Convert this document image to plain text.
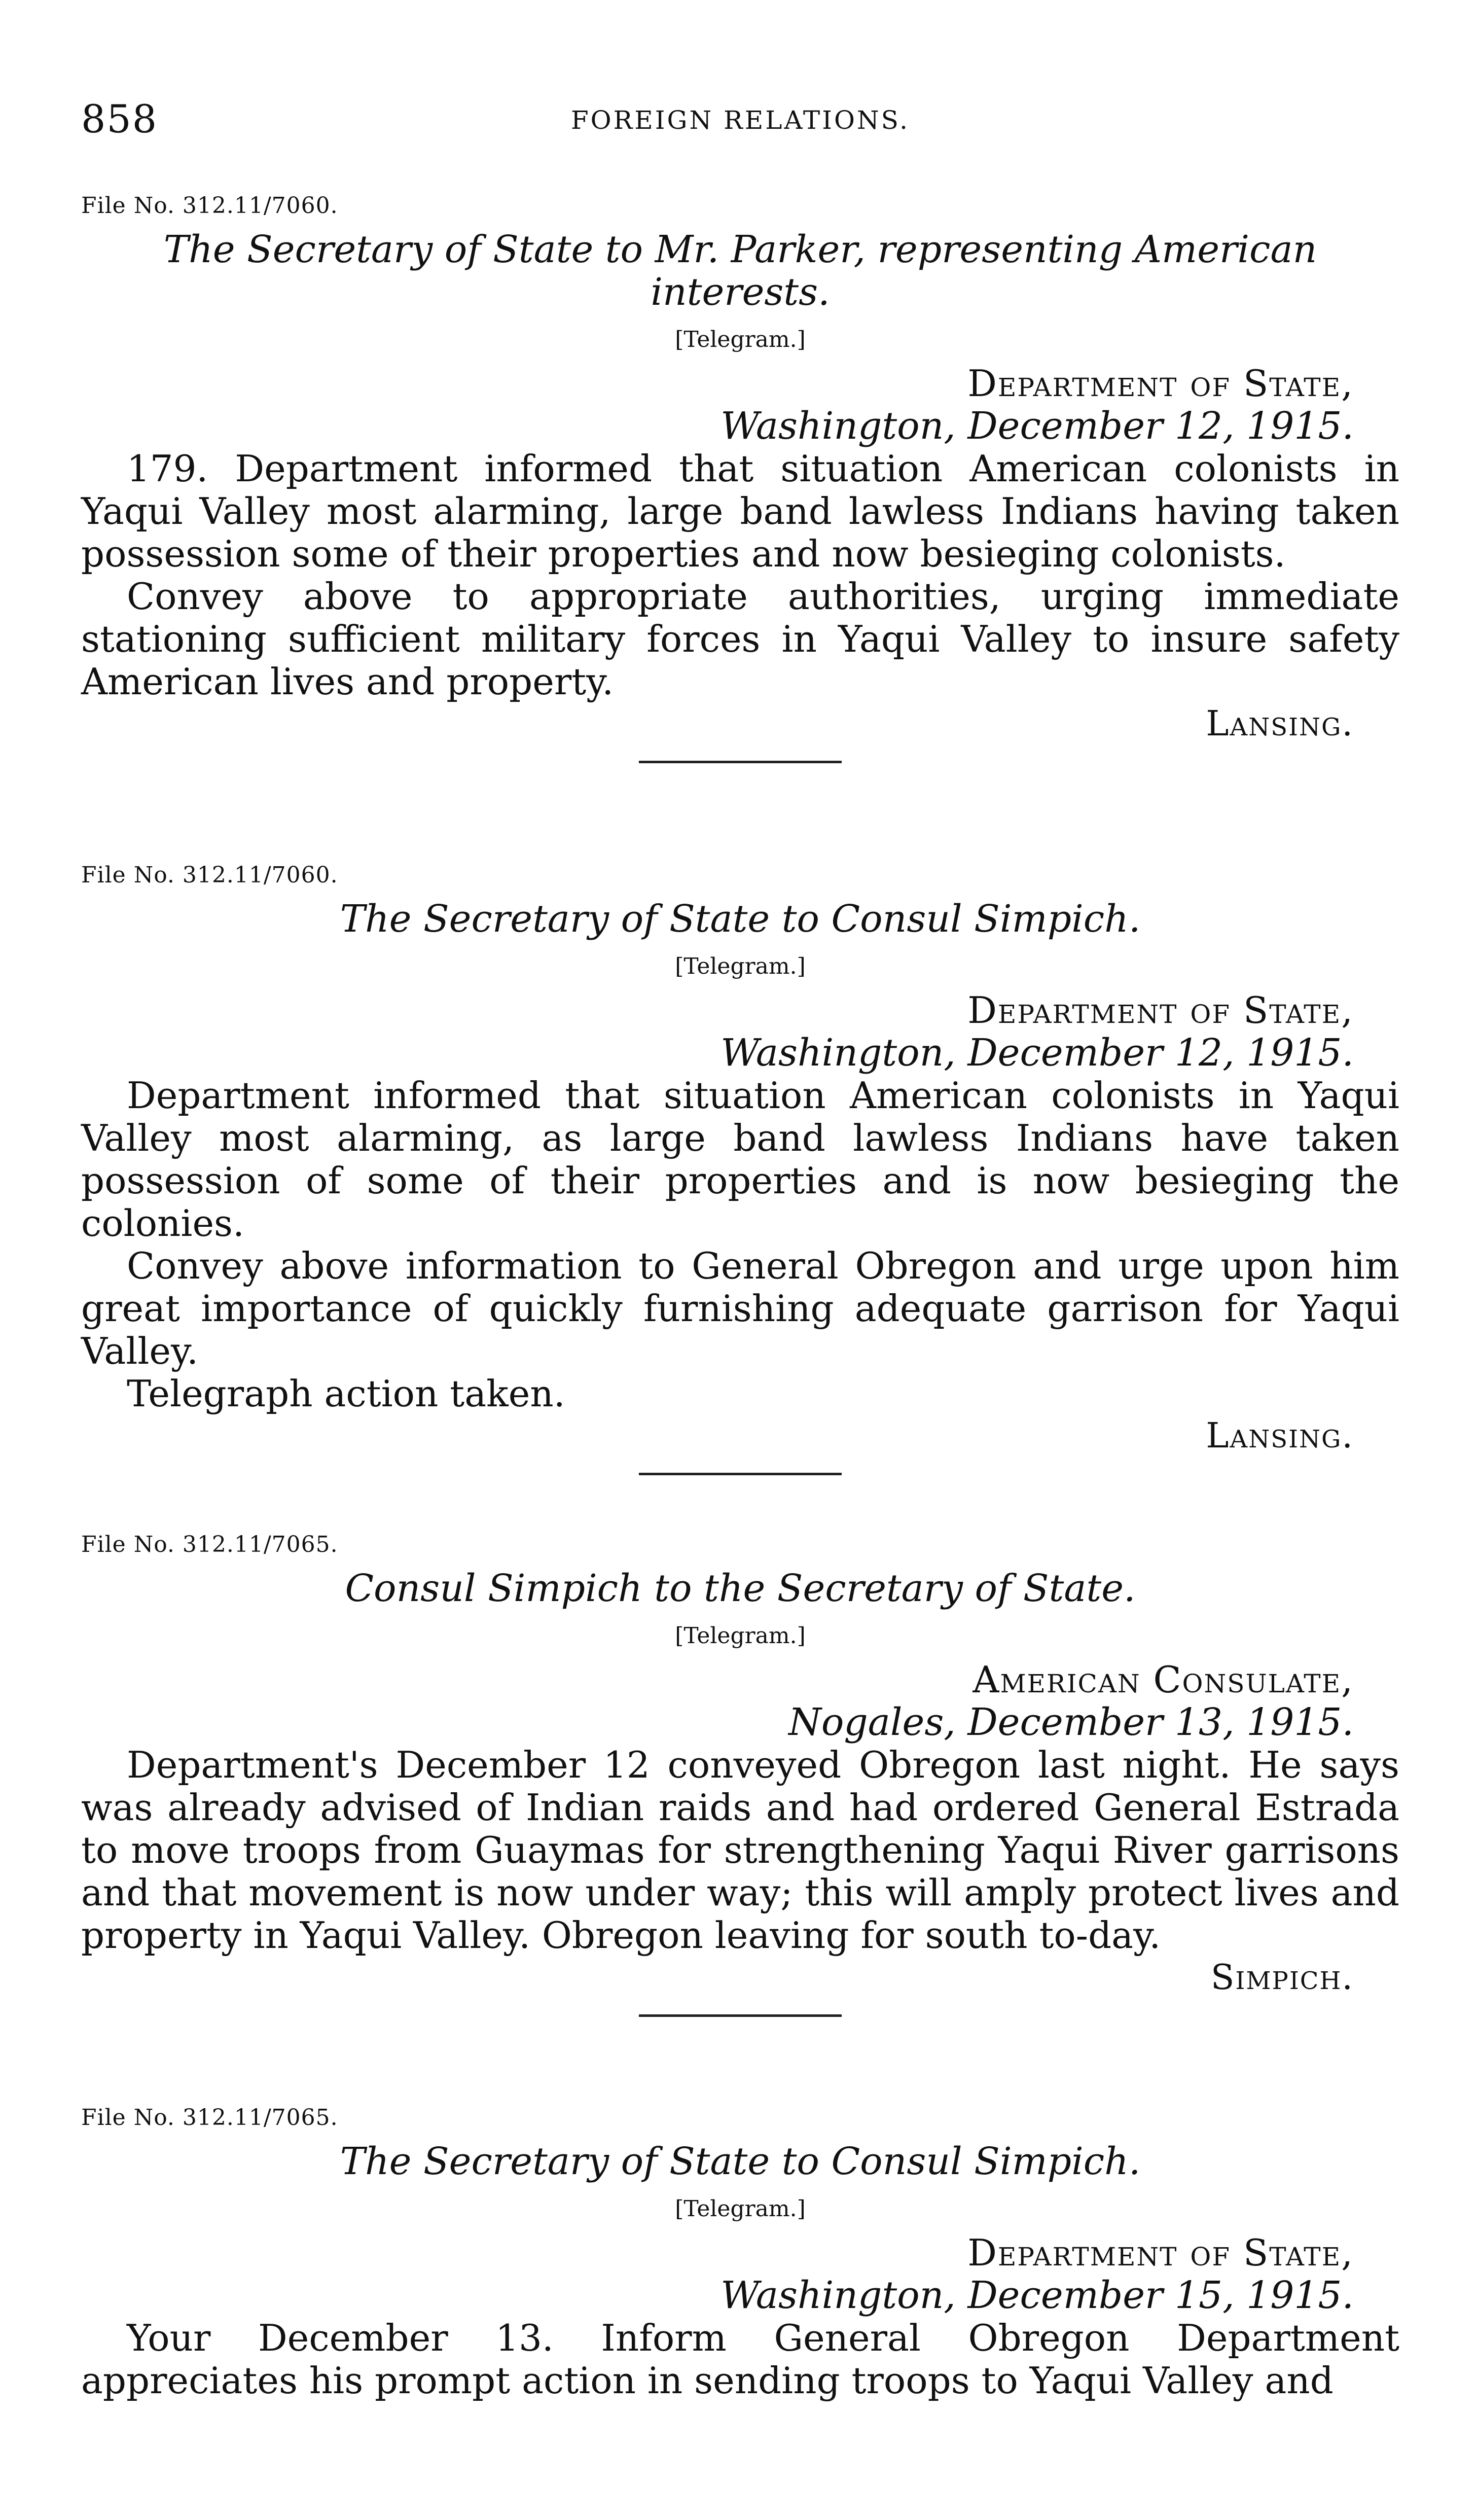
858	FOREIGN RELATIONS.
File No. 312.11/7060.
The Secretary of State to Mr. Parker, representing American interests.
[Telegram.]
Department of State,
Washington, December 12, 1915.

179. Department informed that situation American colonists in Yaqui Valley most alarming, large band lawless Indians having taken possession some of their properties and now besieging colonists.

Convey above to appropriate authorities, urging immediate stationing sufficient military forces in Yaqui Valley to insure safety American lives and property.

Lansing.
File No. 312.11/7060.
The Secretary of State to Consul Simpich.
[Telegram.]
Department of State,
Washington, December 12, 1915.

Department informed that situation American colonists in Yaqui Valley most alarming, as large band lawless Indians have taken possession of some of their properties and is now besieging the colonies.

Convey above information to General Obregon and urge upon him great importance of quickly furnishing adequate garrison for Yaqui Valley.

Telegraph action taken.

Lansing.
File No. 312.11/7065.
Consul Simpich to the Secretary of State.
[Telegram.]
American Consulate,
Nogales, December 13, 1915.

Department's December 12 conveyed Obregon last night. He says was already advised of Indian raids and had ordered General Estrada to move troops from Guaymas for strengthening Yaqui River garrisons and that movement is now under way; this will amply protect lives and property in Yaqui Valley. Obregon leaving for south to-day.

Simpich.
File No. 312.11/7065.
The Secretary of State to Consul Simpich.
[Telegram.]
Department of State,
Washington, December 15, 1915.

Your December 13. Inform General Obregon Department appreciates his prompt action in sending troops to Yaqui Valley and
